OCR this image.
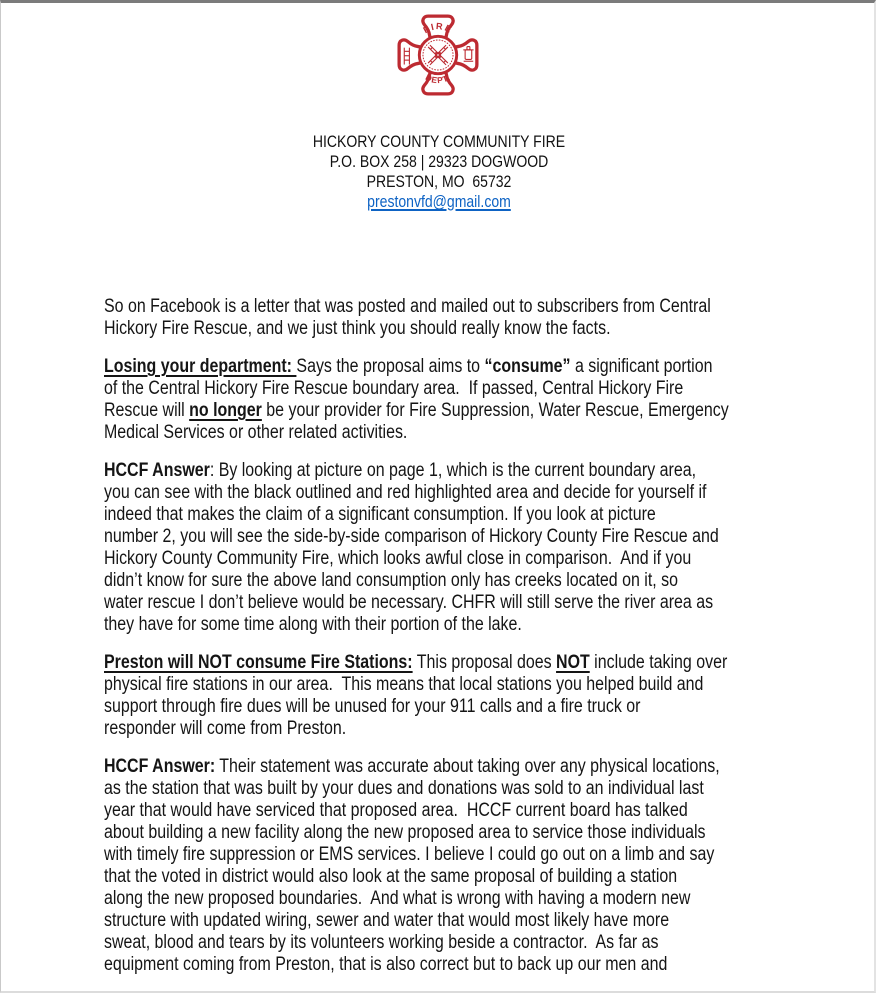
FIRE
DEPT.
HICKORY COUNTY COMMUNITY FIRE
P.O. BOX 258 | 29323 DOGWOOD
PRESTON, MO  65732
prestonvfd@gmail.com
So on Facebook is a letter that was posted and mailed out to subscribers from Central
Hickory Fire Rescue, and we just think you should really know the facts.
Losing your department: Says the proposal aims to “consume” a significant portion
of the Central Hickory Fire Rescue boundary area.  If passed, Central Hickory Fire
Rescue will no longer be your provider for Fire Suppression, Water Rescue, Emergency
Medical Services or other related activities.
HCCF Answer: By looking at picture on page 1, which is the current boundary area,
you can see with the black outlined and red highlighted area and decide for yourself if
indeed that makes the claim of a significant consumption. If you look at picture
number 2, you will see the side-by-side comparison of Hickory County Fire Rescue and
Hickory County Community Fire, which looks awful close in comparison.  And if you
didn’t know for sure the above land consumption only has creeks located on it, so
water rescue I don’t believe would be necessary. CHFR will still serve the river area as
they have for some time along with their portion of the lake.
Preston will NOT consume Fire Stations: This proposal does NOT include taking over
physical fire stations in our area.  This means that local stations you helped build and
support through fire dues will be unused for your 911 calls and a fire truck or
responder will come from Preston.
HCCF Answer: Their statement was accurate about taking over any physical locations,
as the station that was built by your dues and donations was sold to an individual last
year that would have serviced that proposed area.  HCCF current board has talked
about building a new facility along the new proposed area to service those individuals
with timely fire suppression or EMS services. I believe I could go out on a limb and say
that the voted in district would also look at the same proposal of building a station
along the new proposed boundaries.  And what is wrong with having a modern new
structure with updated wiring, sewer and water that would most likely have more
sweat, blood and tears by its volunteers working beside a contractor.  As far as
equipment coming from Preston, that is also correct but to back up our men and
